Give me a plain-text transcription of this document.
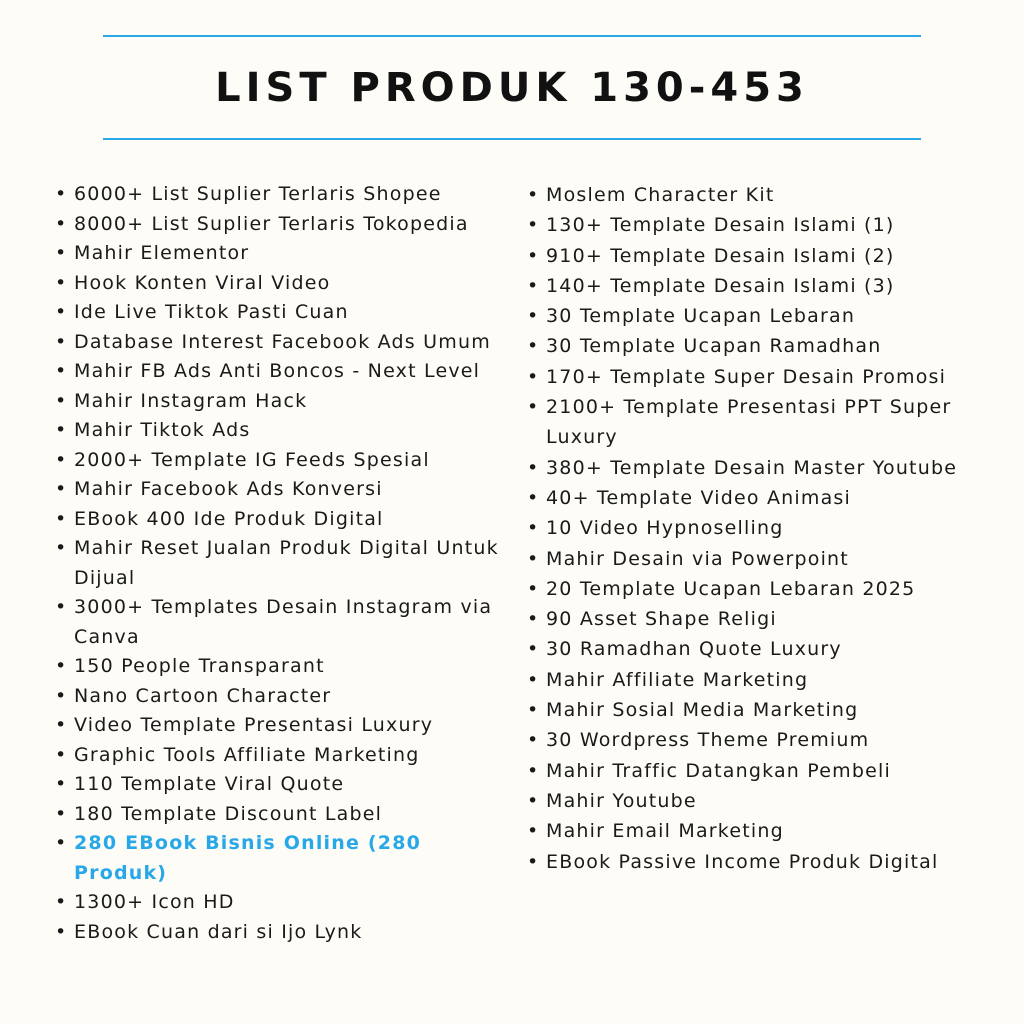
LIST PRODUK 130-453
• 6000+ List Suplier Terlaris Shopee
• 8000+ List Suplier Terlaris Tokopedia
• Mahir Elementor
• Hook Konten Viral Video
• Ide Live Tiktok Pasti Cuan
• Database Interest Facebook Ads Umum
• Mahir FB Ads Anti Boncos - Next Level
• Mahir Instagram Hack
• Mahir Tiktok Ads
• 2000+ Template IG Feeds Spesial
• Mahir Facebook Ads Konversi
• EBook 400 Ide Produk Digital
• Mahir Reset Jualan Produk Digital Untuk Dijual
• 3000+ Templates Desain Instagram via Canva
• 150 People Transparant
• Nano Cartoon Character
• Video Template Presentasi Luxury
• Graphic Tools Affiliate Marketing
• 110 Template Viral Quote
• 180 Template Discount Label
• 280 EBook Bisnis Online (280 Produk)
• 1300+ Icon HD
• EBook Cuan dari si Ijo Lynk
• Moslem Character Kit
• 130+ Template Desain Islami (1)
• 910+ Template Desain Islami (2)
• 140+ Template Desain Islami (3)
• 30 Template Ucapan Lebaran
• 30 Template Ucapan Ramadhan
• 170+ Template Super Desain Promosi
• 2100+ Template Presentasi PPT Super Luxury
• 380+ Template Desain Master Youtube
• 40+ Template Video Animasi
• 10 Video Hypnoselling
• Mahir Desain via Powerpoint
• 20 Template Ucapan Lebaran 2025
• 90 Asset Shape Religi
• 30 Ramadhan Quote Luxury
• Mahir Affiliate Marketing
• Mahir Sosial Media Marketing
• 30 Wordpress Theme Premium
• Mahir Traffic Datangkan Pembeli
• Mahir Youtube
• Mahir Email Marketing
• EBook Passive Income Produk Digital
